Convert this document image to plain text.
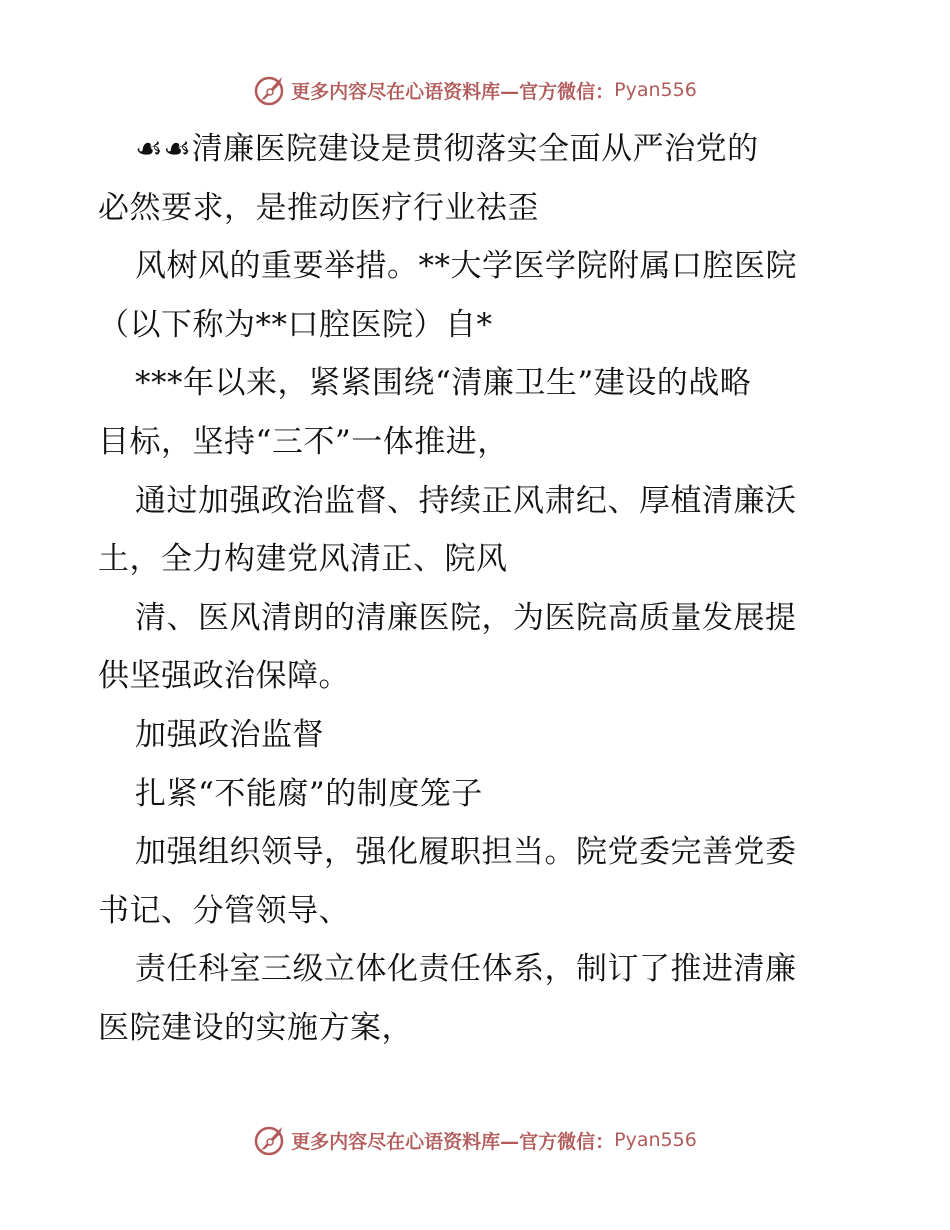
更多内容尽在心语资料库—官方微信： Pyan556
☙☙清廉医院建设是贯彻落实全面从严治党的
必然要求，是推动医疗行业祛歪
风树风的重要举措。**大学医学院附属口腔医院
（以下称为**口腔医院）自*
***年以来，紧紧围绕“清廉卫生”建设的战略
目标，坚持“三不”一体推进，
通过加强政治监督、持续正风肃纪、厚植清廉沃
土，全力构建党风清正、院风
清、医风清朗的清廉医院，为医院高质量发展提
供坚强政治保障。
加强政治监督
扎紧“不能腐”的制度笼子
加强组织领导，强化履职担当。院党委完善党委
书记、分管领导、
责任科室三级立体化责任体系，制订了推进清廉
医院建设的实施方案，
更多内容尽在心语资料库—官方微信： Pyan556
